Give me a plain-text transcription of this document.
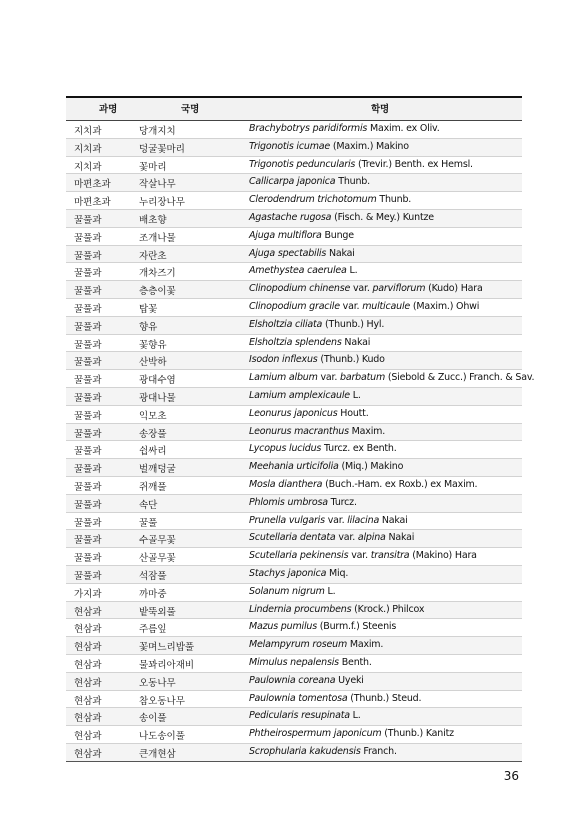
과명	국명	학명
지치과	당개지치	Brachybotrys paridiformis Maxim. ex Oliv.
지치과	덩굴꽃마리	Trigonotis icumae (Maxim.) Makino
지치과	꽃마리	Trigonotis peduncularis (Trevir.) Benth. ex Hemsl.
마편초과	작살나무	Callicarpa japonica Thunb.
마편초과	누리장나무	Clerodendrum trichotomum Thunb.
꿀풀과	배초향	Agastache rugosa (Fisch. & Mey.) Kuntze
꿀풀과	조개나물	Ajuga multiflora Bunge
꿀풀과	자란초	Ajuga spectabilis Nakai
꿀풀과	개차즈기	Amethystea caerulea L.
꿀풀과	층층이꽃	Clinopodium chinense var. parviflorum (Kudo) Hara
꿀풀과	탑꽃	Clinopodium gracile var. multicaule (Maxim.) Ohwi
꿀풀과	향유	Elsholtzia ciliata (Thunb.) Hyl.
꿀풀과	꽃향유	Elsholtzia splendens Nakai
꿀풀과	산박하	Isodon inflexus (Thunb.) Kudo
꿀풀과	광대수염	Lamium album var. barbatum (Siebold & Zucc.) Franch. & Sav.
꿀풀과	광대나물	Lamium amplexicaule L.
꿀풀과	익모초	Leonurus japonicus Houtt.
꿀풀과	송장풀	Leonurus macranthus Maxim.
꿀풀과	쉽싸리	Lycopus lucidus Turcz. ex Benth.
꿀풀과	벌깨덩굴	Meehania urticifolia (Miq.) Makino
꿀풀과	쥐깨풀	Mosla dianthera (Buch.-Ham. ex Roxb.) ex Maxim.
꿀풀과	속단	Phlomis umbrosa Turcz.
꿀풀과	꿀풀	Prunella vulgaris var. lilacina Nakai
꿀풀과	수골무꽃	Scutellaria dentata var. alpina Nakai
꿀풀과	산골무꽃	Scutellaria pekinensis var. transitra (Makino) Hara
꿀풀과	석잠풀	Stachys japonica Miq.
가지과	까마중	Solanum nigrum L.
현삼과	밭뚝외풀	Lindernia procumbens (Krock.) Philcox
현삼과	주름잎	Mazus pumilus (Burm.f.) Steenis
현삼과	꽃며느리밥풀	Melampyrum roseum Maxim.
현삼과	물꽈리아재비	Mimulus nepalensis Benth.
현삼과	오동나무	Paulownia coreana Uyeki
현삼과	참오동나무	Paulownia tomentosa (Thunb.) Steud.
현삼과	송이풀	Pedicularis resupinata L.
현삼과	나도송이풀	Phtheirospermum japonicum (Thunb.) Kanitz
현삼과	큰개현삼	Scrophularia kakudensis Franch.
36
